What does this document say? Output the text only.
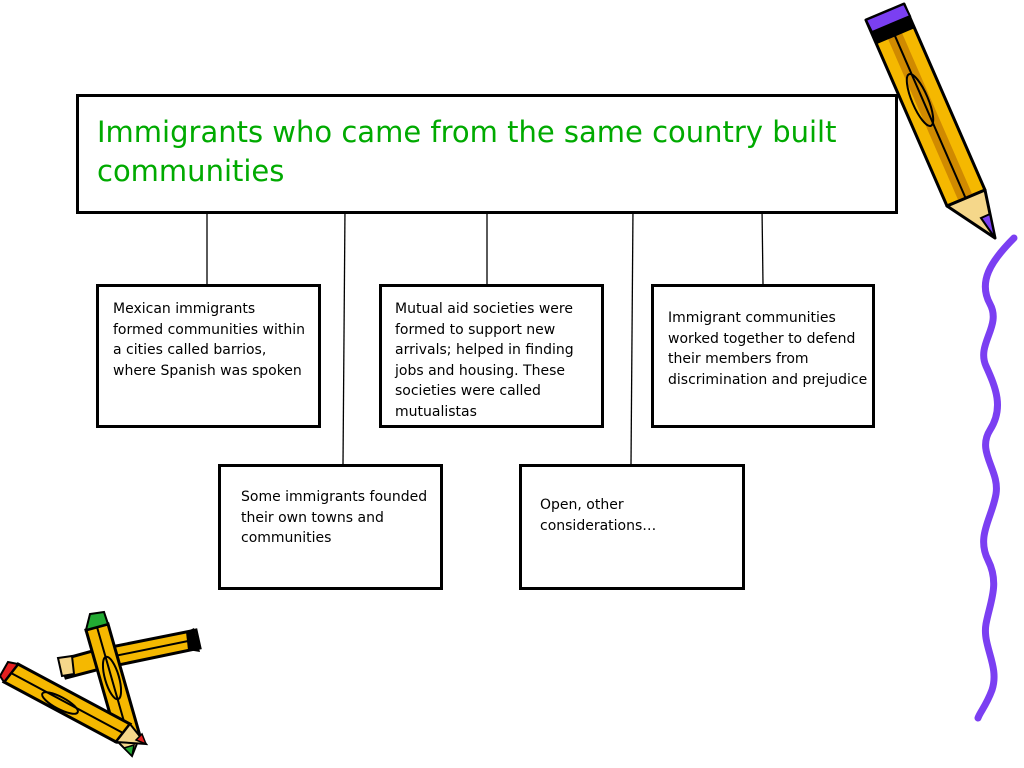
Immigrants who came from the same country built communities
Mexican immigrants formed communities within a cities called barrios, where Spanish was spoken
Mutual aid societies were formed to support new arrivals; helped in finding jobs and housing. These societies were called mutualistas
Immigrant communities worked together to defend their members from discrimination and prejudice
Some immigrants founded their own towns and communities
Open, other considerations…
